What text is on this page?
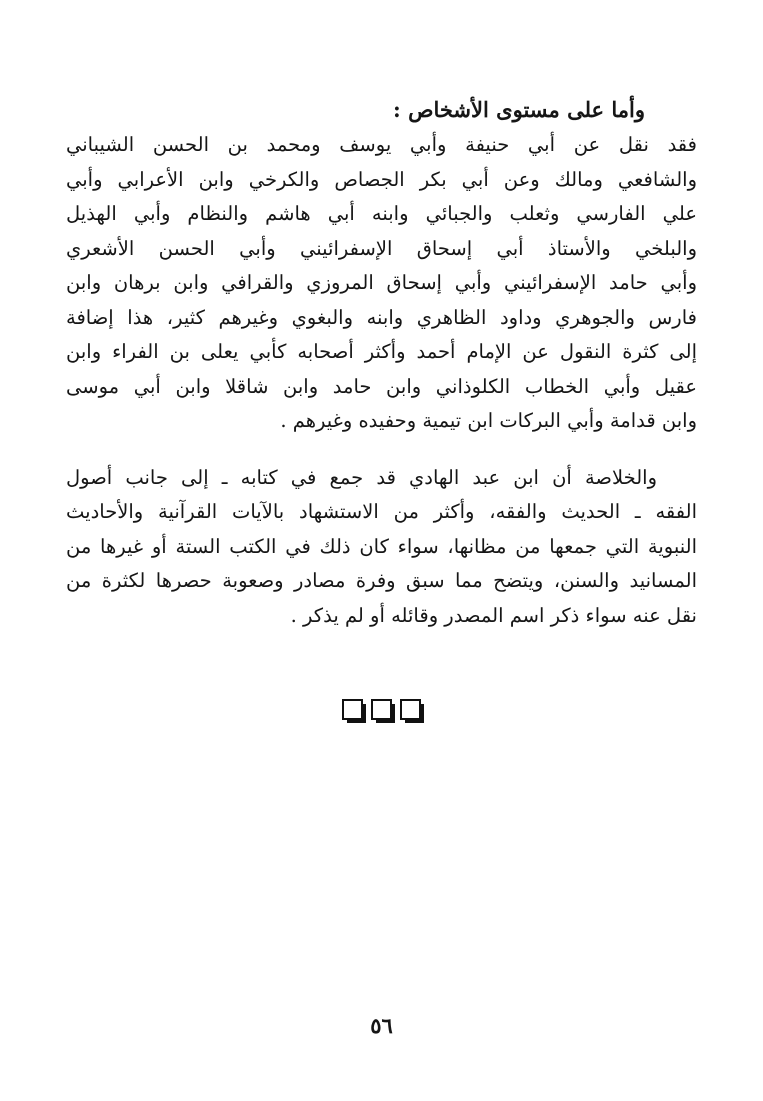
وأما على مستوى الأشخاص :

فقد نقل عن أبي حنيفة وأبي يوسف ومحمد بن الحسن الشيباني
والشافعي ومالك وعن أبي بكر الجصاص والكرخي وابن الأعرابي وأبي
علي الفارسي وثعلب والجبائي وابنه أبي هاشم والنظام وأبي الهذيل
والبلخي والأستاذ أبي إسحاق الإسفرائيني وأبي الحسن الأشعري
وأبي حامد الإسفرائيني وأبي إسحاق المروزي والقرافي وابن برهان وابن
فارس والجوهري وداود الظاهري وابنه والبغوي وغيرهم كثير، هذا إضافة
إلى كثرة النقول عن الإمام أحمد وأكثر أصحابه كأبي يعلى بن الفراء وابن
عقيل وأبي الخطاب الكلوذاني وابن حامد وابن شاقلا وابن أبي موسى
وابن قدامة وأبي البركات ابن تيمية وحفيده وغيرهم .
والخلاصة أن ابن عبد الهادي قد جمع في كتابه ـ إلى جانب أصول
الفقه ـ الحديث والفقه، وأكثر من الاستشهاد بالآيات القرآنية والأحاديث
النبوية التي جمعها من مظانها، سواء كان ذلك في الكتب الستة أو غيرها من
المسانيد والسنن، ويتضح مما سبق وفرة مصادر وصعوبة حصرها لكثرة من
نقل عنه سواء ذكر اسم المصدر وقائله أو لم يذكر .

٥٦
